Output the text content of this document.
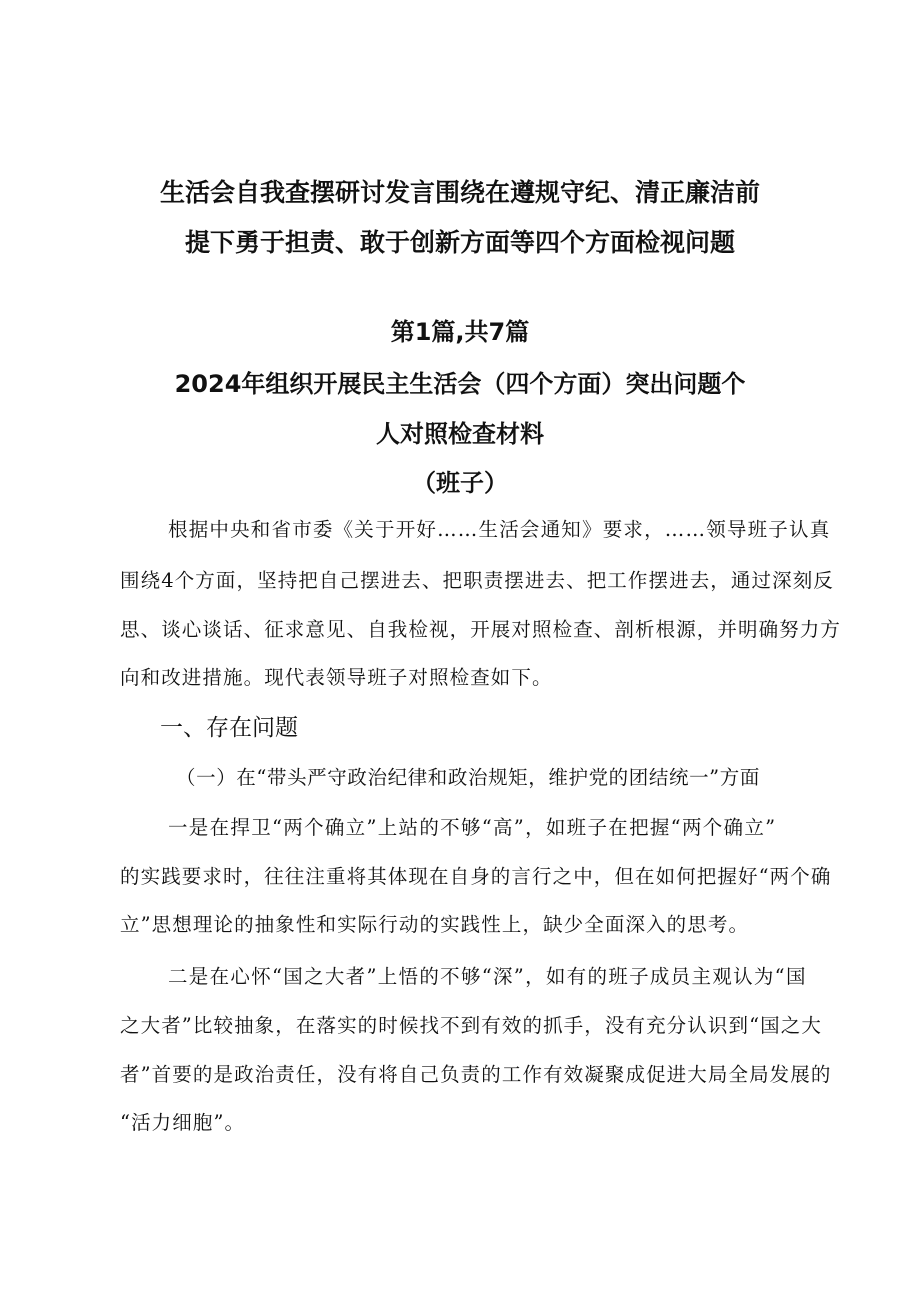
生活会自我查摆研讨发言围绕在遵规守纪、清正廉洁前
提下勇于担责、敢于创新方面等四个方面检视问题
第1篇,共7篇
2024年组织开展民主生活会（四个方面）突出问题个
人对照检查材料
（班子）
根据中央和省市委《关于开好……生活会通知》要求，……领导班子认真
围绕4个方面，坚持把自己摆进去、把职责摆进去、把工作摆进去，通过深刻反
思、谈心谈话、征求意见、自我检视，开展对照检查、剖析根源，并明确努力方
向和改进措施。现代表领导班子对照检查如下。
一、存在问题
（一）在“带头严守政治纪律和政治规矩，维护党的团结统一”方面
一是在捍卫“两个确立”上站的不够“高”，如班子在把握“两个确立”
的实践要求时，往往注重将其体现在自身的言行之中，但在如何把握好“两个确
立”思想理论的抽象性和实际行动的实践性上，缺少全面深入的思考。
二是在心怀“国之大者”上悟的不够“深”，如有的班子成员主观认为“国
之大者”比较抽象，在落实的时候找不到有效的抓手，没有充分认识到“国之大
者”首要的是政治责任，没有将自己负责的工作有效凝聚成促进大局全局发展的
“活力细胞”。
